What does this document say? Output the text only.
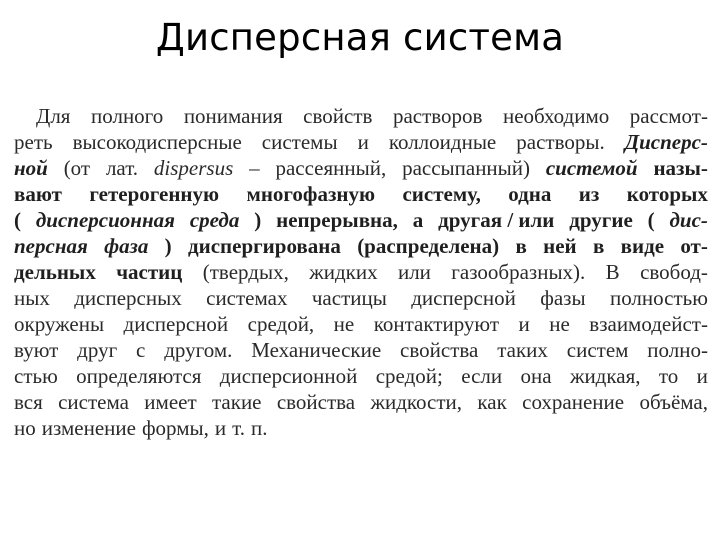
Дисперсная система
Для полного понимания свойств растворов необходимо рассмот-
реть высокодисперсные системы и коллоидные растворы. Дисперс-
ной (от лат. dispersus – рассеянный, рассыпанный) системой назы-
вают гетерогенную многофазную систему, одна из которых
( дисперсионная среда ) непрерывна, а другая / или другие ( дис-
персная фаза ) диспергирована (распределена) в ней в виде от-
дельных частиц (твердых, жидких или газообразных). В свобод-
ных дисперсных системах частицы дисперсной фазы полностью
окружены дисперсной средой, не контактируют и не взаимодейст-
вуют друг с другом. Механические свойства таких систем полно-
стью определяются дисперсионной средой; если она жидкая, то и
вся система имеет такие свойства жидкости, как сохранение объёма,
но изменение формы, и т. п.
